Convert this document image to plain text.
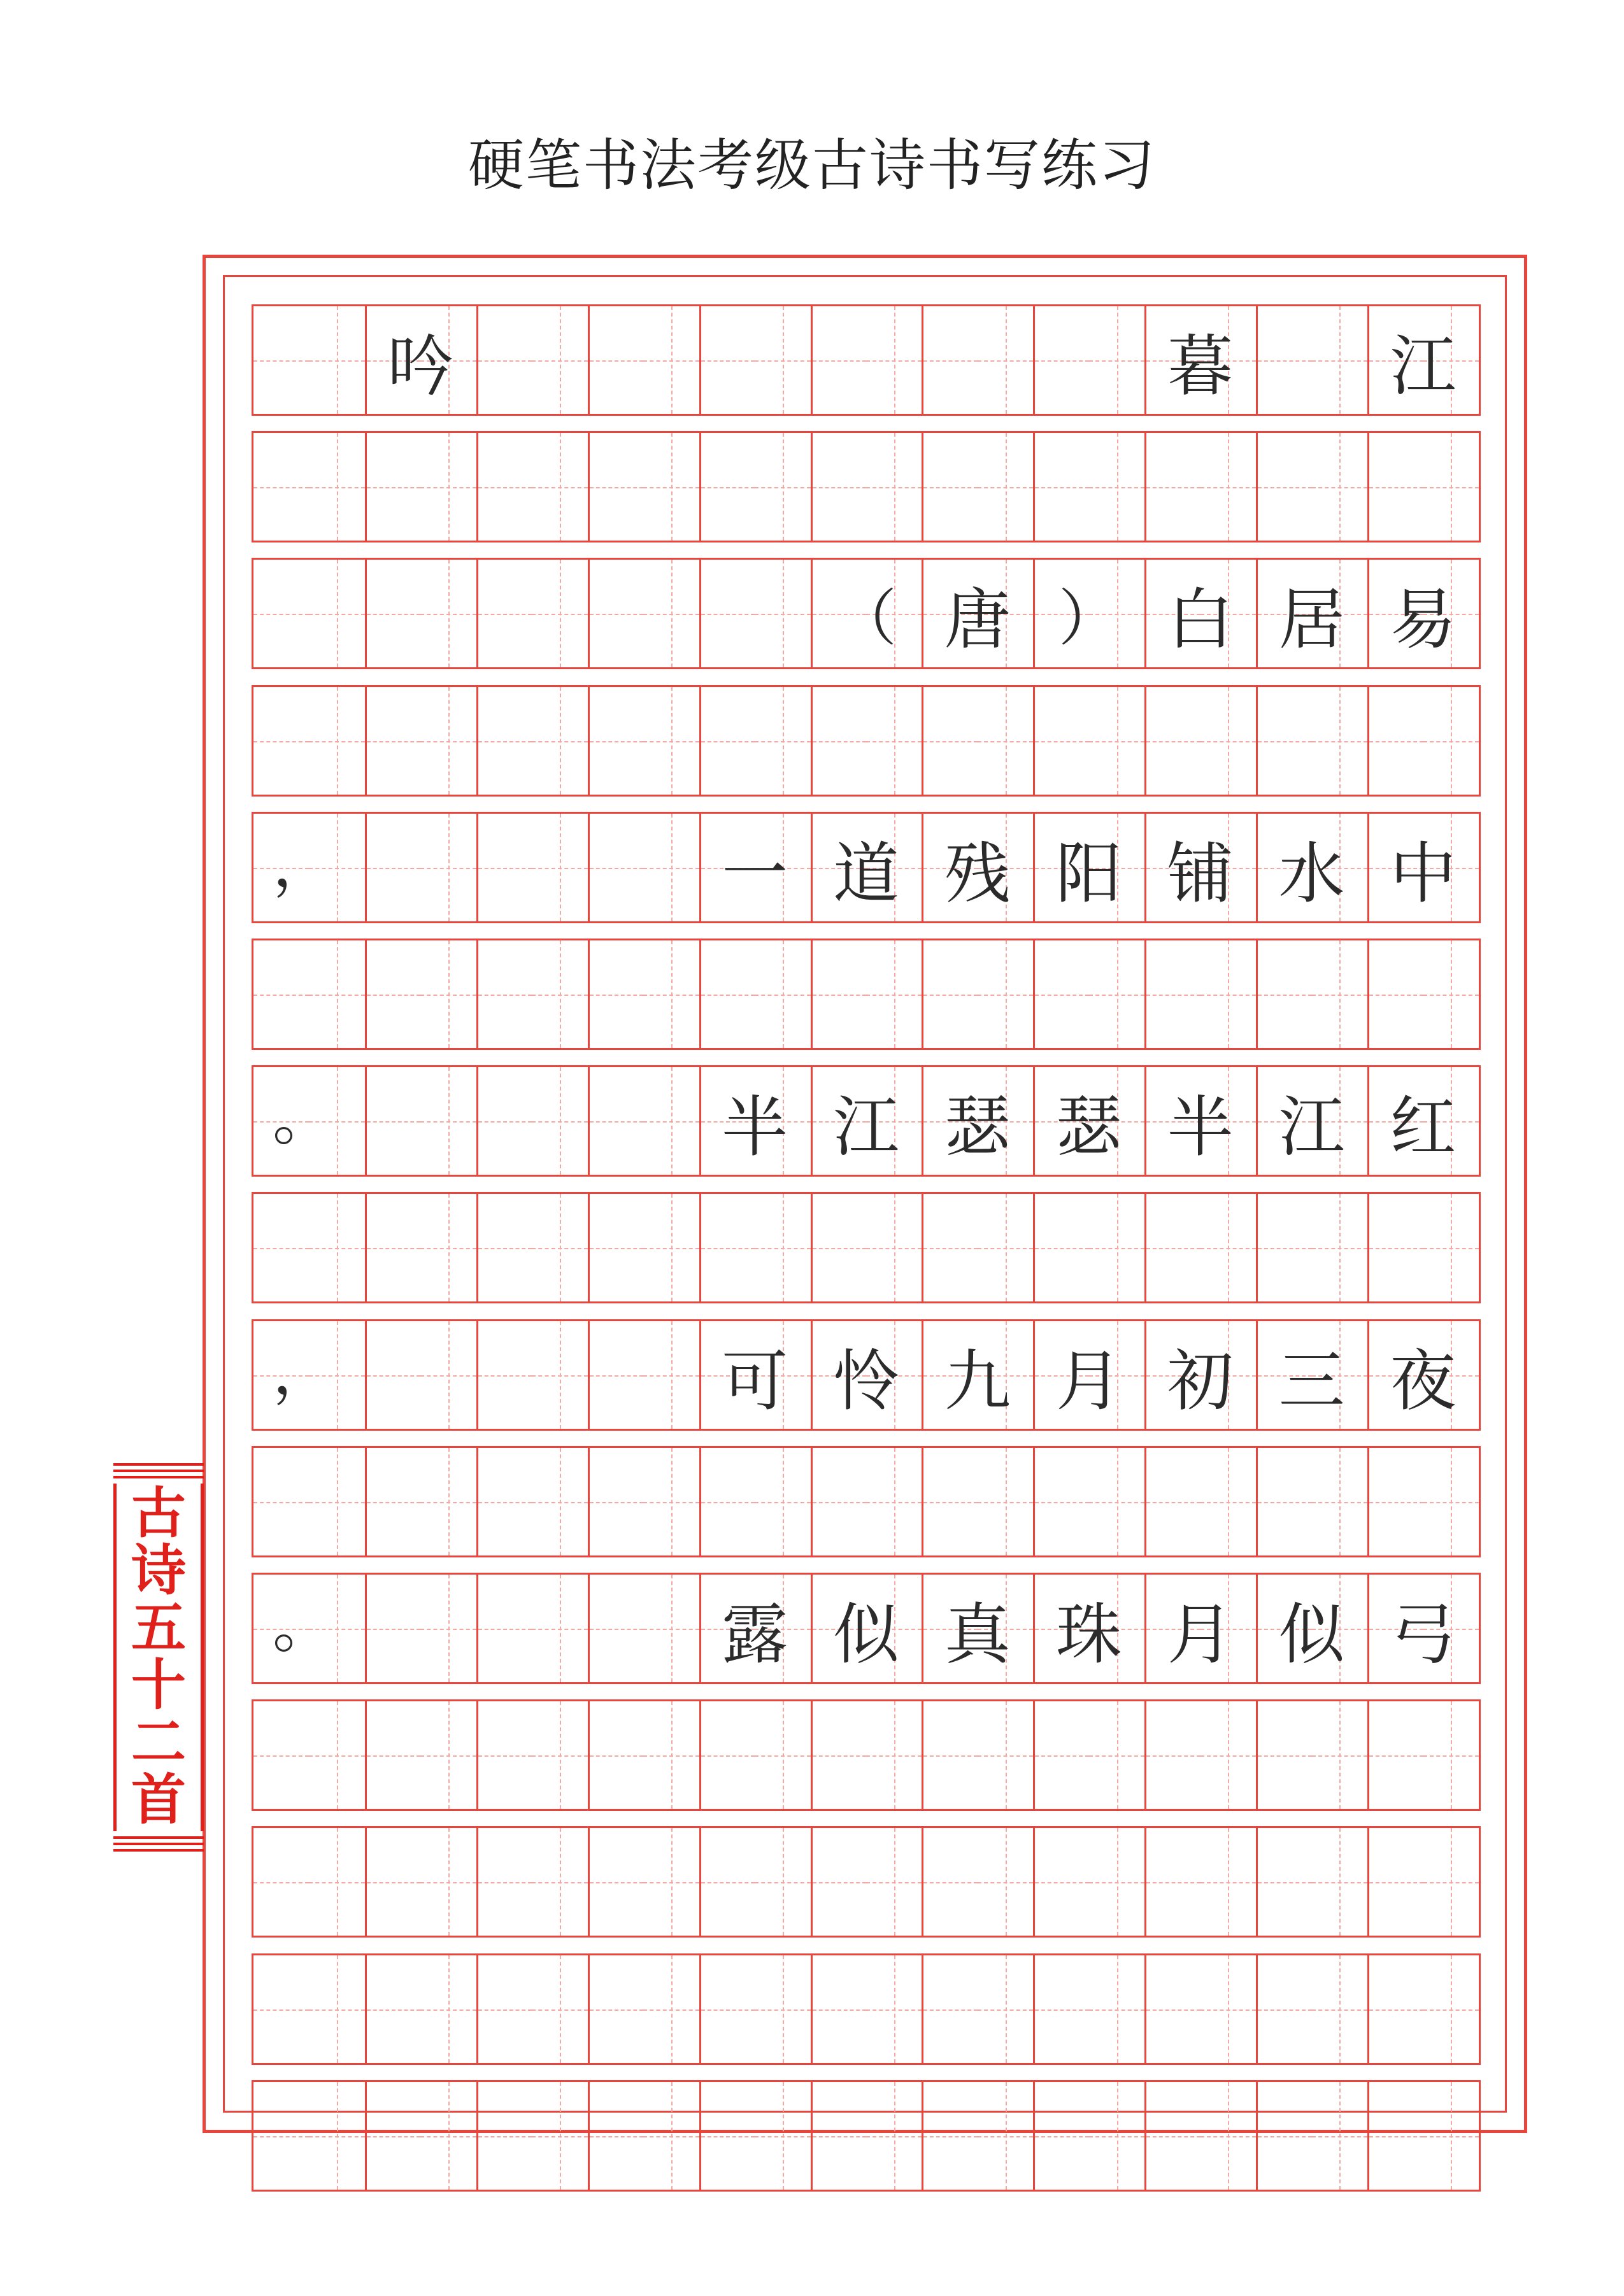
硬笔书法考级古诗书写练习
暮	江
吟
（ 唐 ） 白 居 易
一 道 残 阳 铺 水 中
，
半 江 瑟 瑟 半 江 红
。
可 怜 九 月 初 三 夜
，
露 似 真 珠 月 似 弓
。
古
诗
五
十
二
首
